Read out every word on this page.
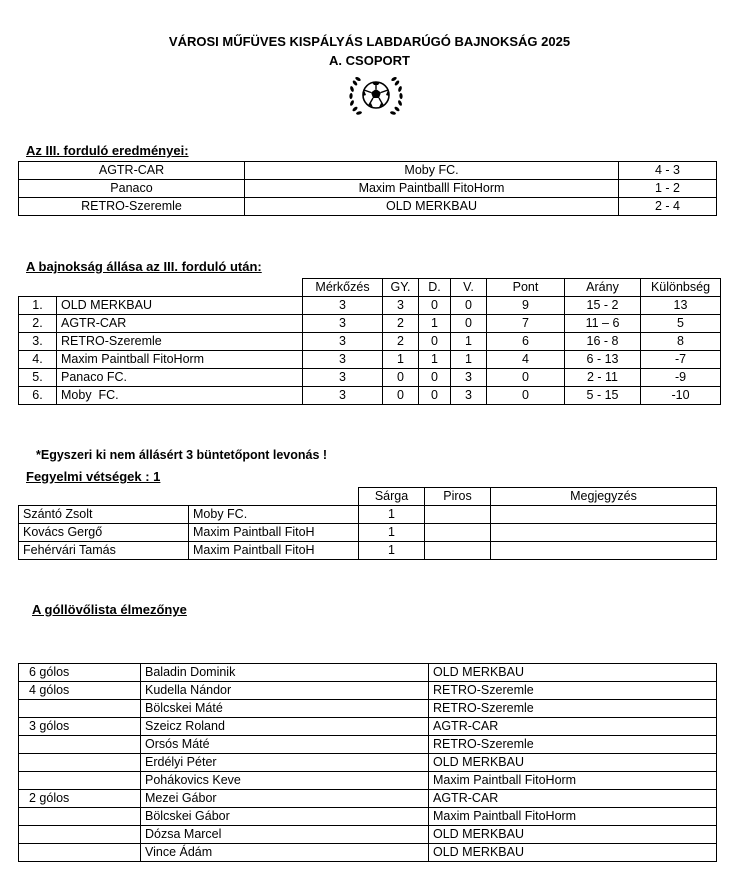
VÁROSI MŰFÜVES KISPÁLYÁS LABDARÚGÓ BAJNOKSÁG 2025
A. CSOPORT
Az III. forduló eredményei:
AGTR-CAR	Moby FC.	4 - 3
Panaco	Maxim Paintballl FitoHorm	1 - 2
RETRO-Szeremle	OLD MERKBAU	2 - 4
A bajnokság állása az III. forduló után:
		Mérkőzés	GY.	D.	V.	Pont	Arány	Különbség
1.	OLD MERKBAU	3	3	0	0	9	15 - 2	13
2.	AGTR-CAR	3	2	1	0	7	11 – 6	5
3.	RETRO-Szeremle	3	2	0	1	6	16 - 8	8
4.	Maxim Paintball FitoHorm	3	1	1	1	4	6 - 13	-7
5.	Panaco FC.	3	0	0	3	0	2 - 11	-9
6.	Moby  FC.	3	0	0	3	0	5 - 15	-10
*Egyszeri ki nem állásért 3 büntetőpont levonás !
Fegyelmi vétségek : 1
		Sárga	Piros	Megjegyzés
Szántó Zsolt	Moby FC.	1		
Kovács Gergő	Maxim Paintball FitoH	1		
Fehérvári Tamás	Maxim Paintball FitoH	1		
A góllövőlista élmezőnye
6 gólos	Baladin Dominik	OLD MERKBAU
4 gólos	Kudella Nándor	RETRO-Szeremle
	Bölcskei Máté	RETRO-Szeremle
3 gólos	Szeicz Roland	AGTR-CAR
	Orsós Máté	RETRO-Szeremle
	Erdélyi Péter	OLD MERKBAU
	Pohákovics Keve	Maxim Paintball FitoHorm
2 gólos	Mezei Gábor	AGTR-CAR
	Bölcskei Gábor	Maxim Paintball FitoHorm
	Dózsa Marcel	OLD MERKBAU
	Vince Ádám	OLD MERKBAU
